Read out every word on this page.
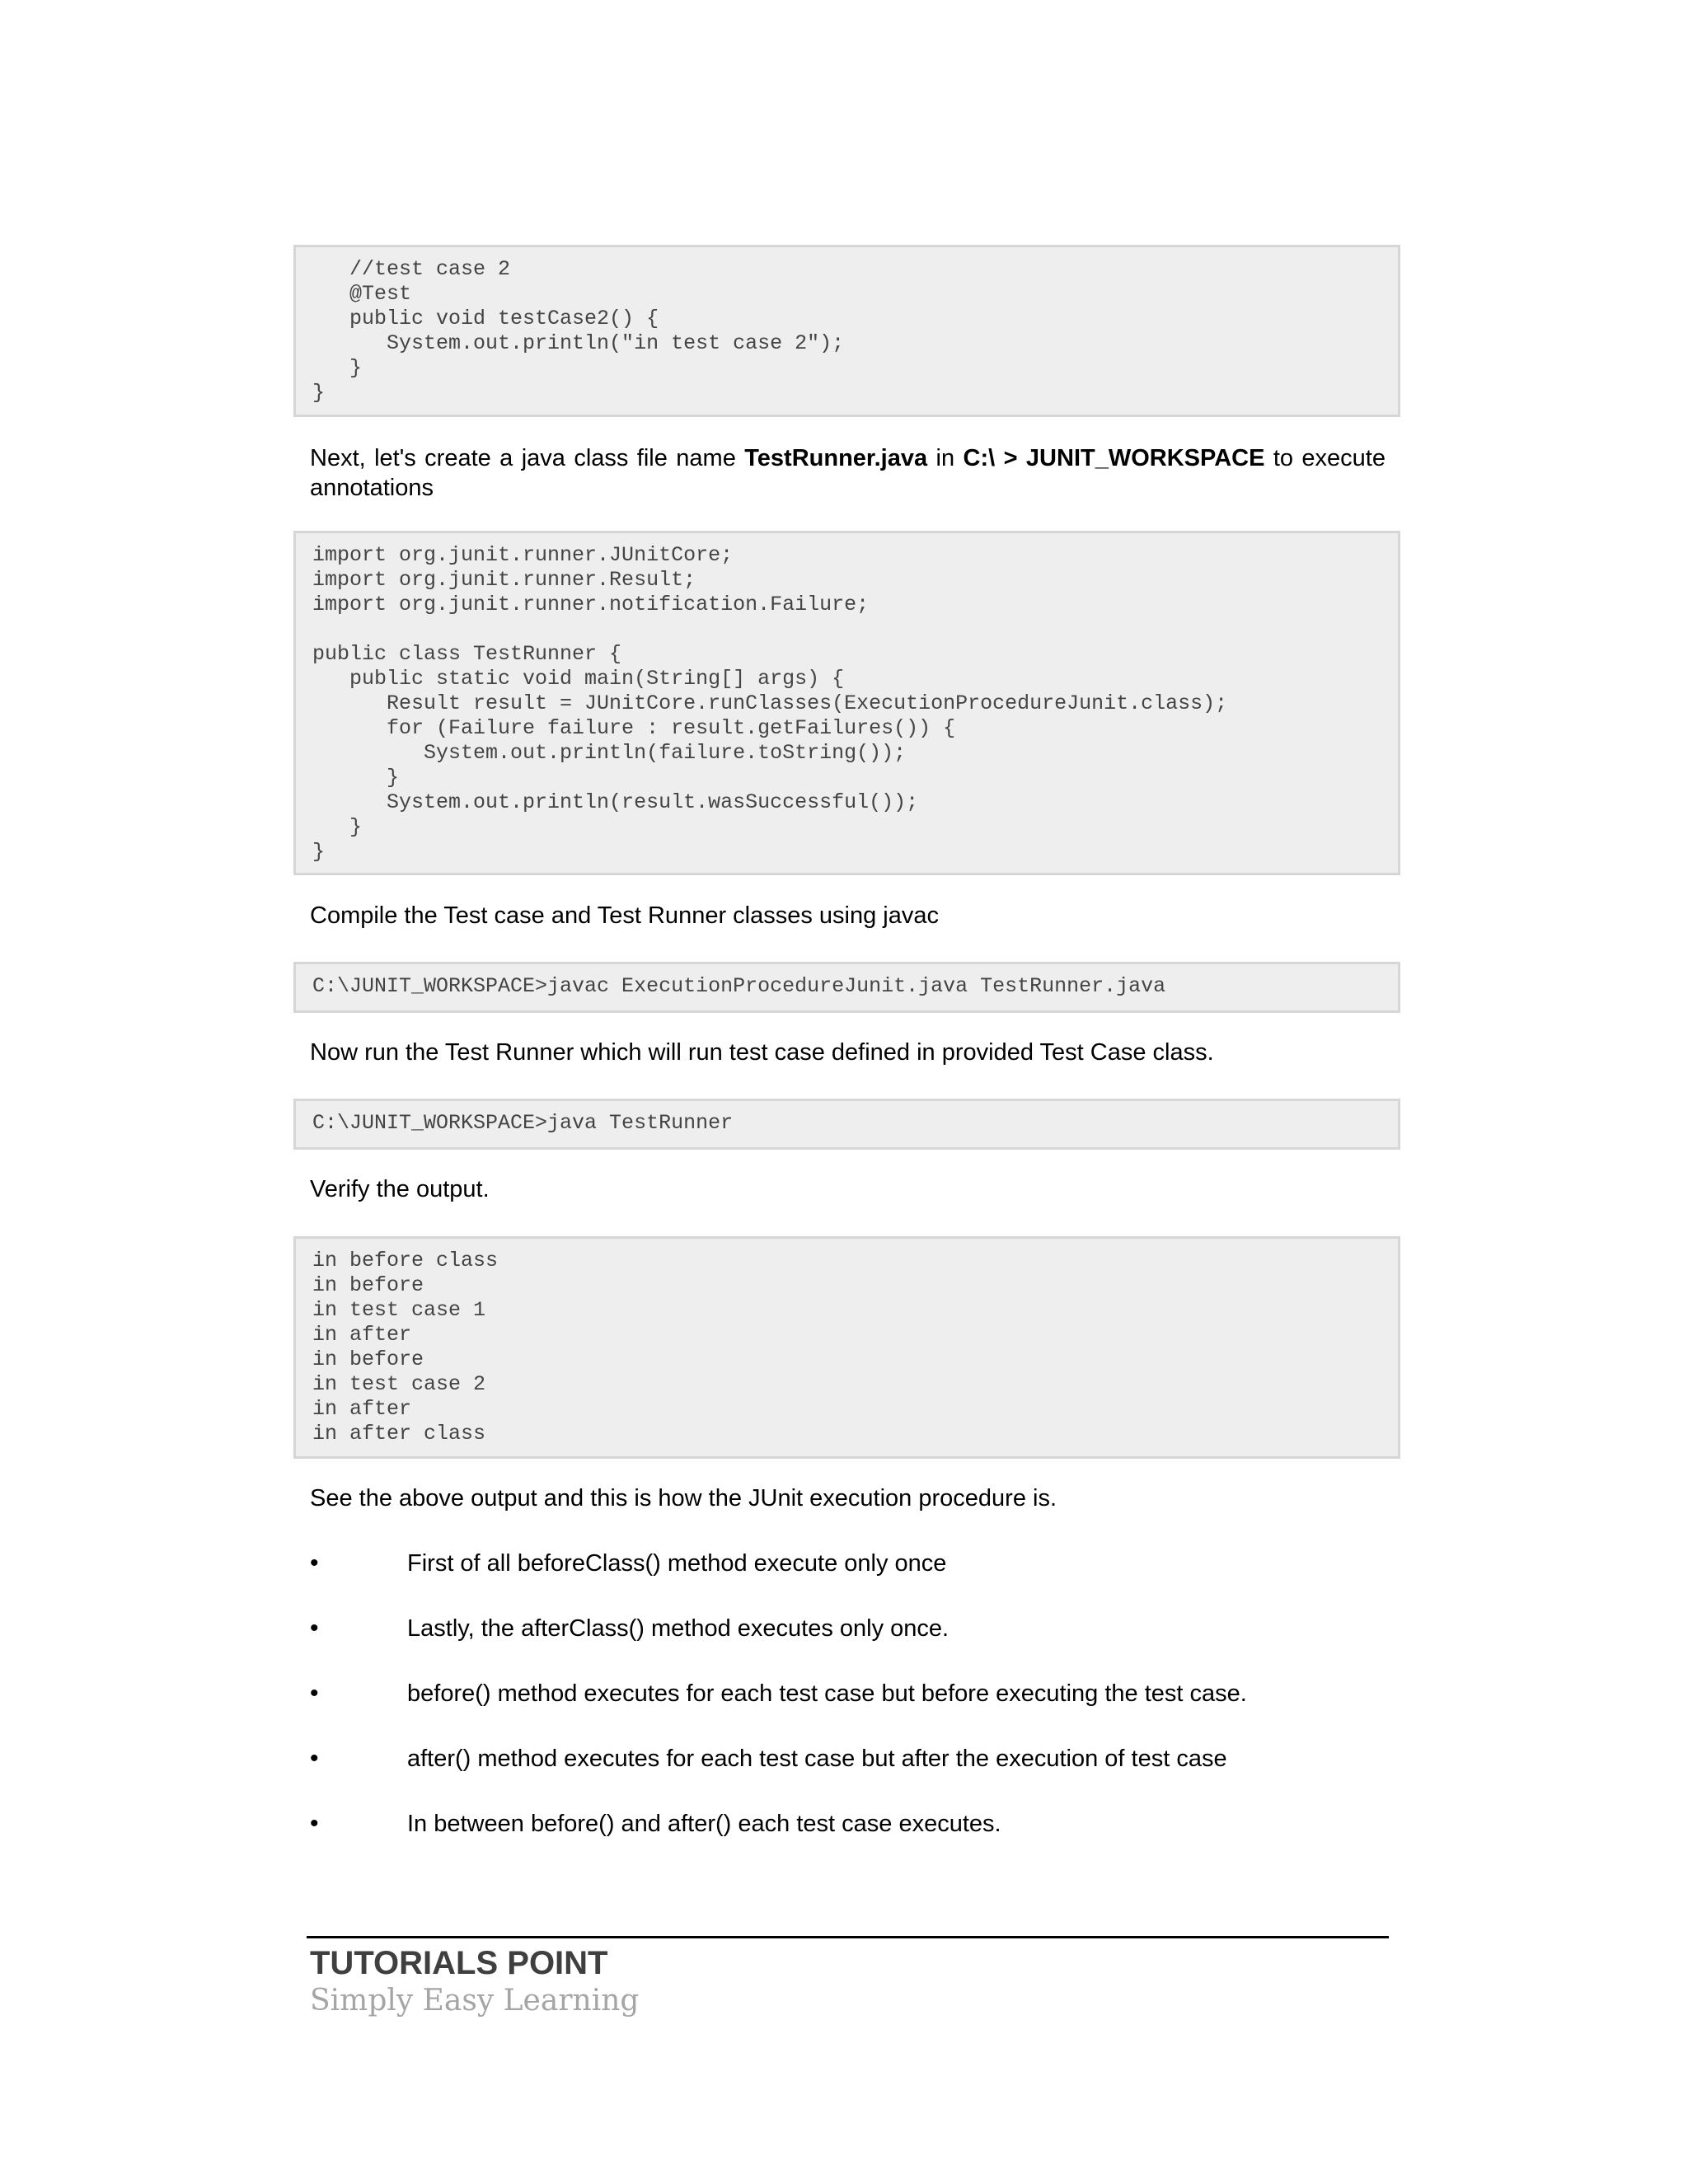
//test case 2
@Test
public void testCase2() {
System.out.println("in test case 2");
}
}
Next, let's create a java class file name TestRunner.java in C:\ > JUNIT_WORKSPACE to execute annotations
import org.junit.runner.JUnitCore;
import org.junit.runner.Result;
import org.junit.runner.notification.Failure;

public class TestRunner {
public static void main(String[] args) {
Result result = JUnitCore.runClasses(ExecutionProcedureJunit.class);
for (Failure failure : result.getFailures()) {
System.out.println(failure.toString());
}
System.out.println(result.wasSuccessful());
}
}
Compile the Test case and Test Runner classes using javac
C:\JUNIT_WORKSPACE>javac ExecutionProcedureJunit.java TestRunner.java
Now run the Test Runner which will run test case defined in provided Test Case class.
C:\JUNIT_WORKSPACE>java TestRunner
Verify the output.
in before class
in before
in test case 1
in after
in before
in test case 2
in after
in after class
See the above output and this is how the JUnit execution procedure is.
•	First of all beforeClass() method execute only once
•	Lastly, the afterClass() method executes only once.
•	before() method executes for each test case but before executing the test case.
•	after() method executes for each test case but after the execution of test case
•	In between before() and after() each test case executes.
TUTORIALS POINT
Simply Easy Learning
